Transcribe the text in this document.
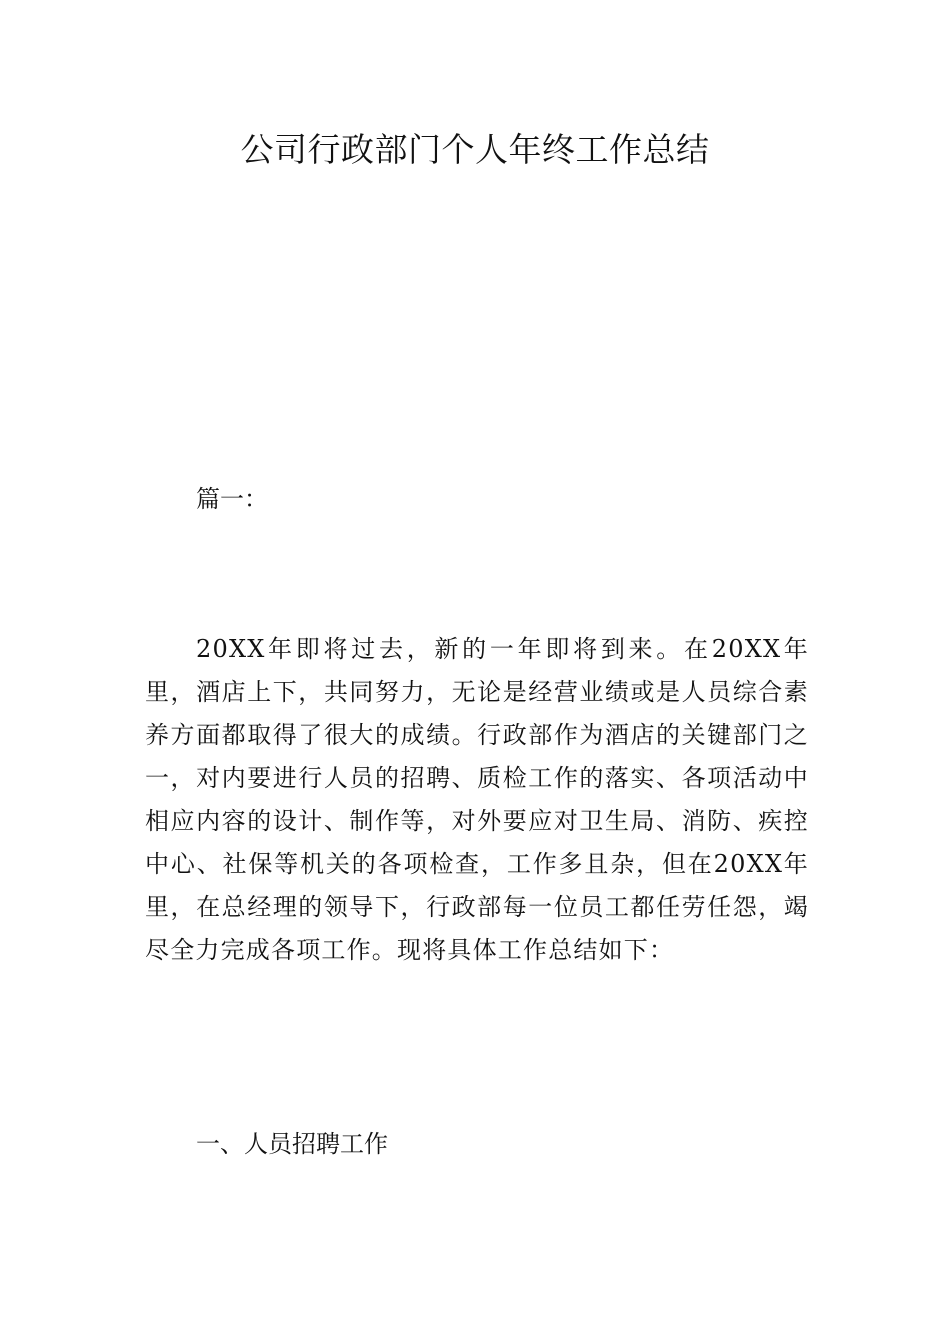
公司行政部门个人年终工作总结

篇一：

20XX年即将过去，新的一年即将到来。在20XX年里，酒店上下，共同努力，无论是经营业绩或是人员综合素养方面都取得了很大的成绩。行政部作为酒店的关键部门之一，对内要进行人员的招聘、质检工作的落实、各项活动中相应内容的设计、制作等，对外要应对卫生局、消防、疾控中心、社保等机关的各项检查，工作多且杂，但在20XX年里，在总经理的领导下，行政部每一位员工都任劳任怨，竭尽全力完成各项工作。现将具体工作总结如下：

一、人员招聘工作
